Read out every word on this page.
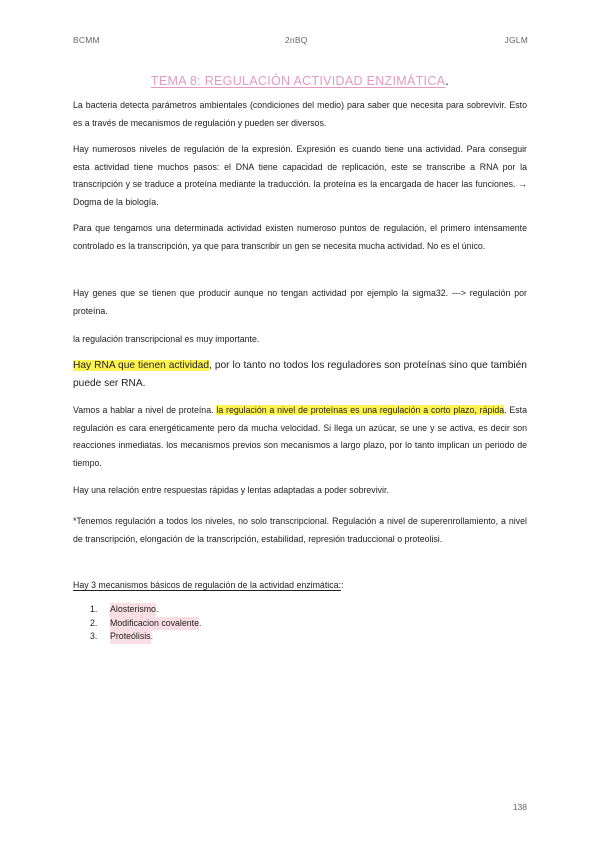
BCMM	2nBQ	JGLM
TEMA 8: REGULACIÓN ACTIVIDAD ENZIMÁTICA.
La bacteria detecta parámetros ambientales (condiciones del medio) para saber que necesita para sobrevivir. Esto es a través de mecanismos de regulación y pueden ser diversos.
Hay numerosos niveles de regulación de la expresión. Expresión es cuando tiene una actividad. Para conseguir esta actividad tiene muchos pasos: el DNA tiene capacidad de replicación, este se transcribe a RNA por la transcripción y se traduce a proteína mediante la traducción. la proteína es la encargada de hacer las funciones. → Dogma de la biología.
Para que tengamos una determinada actividad existen numeroso puntos de regulación, el primero intensamente controlado es la transcripción, ya que para transcribir un gen se necesita mucha actividad. No es el único.
Hay genes que se tienen que producir aunque no tengan actividad por ejemplo la sigma32. ---> regulación por proteína.
la regulación transcripcional es muy importante.
Hay RNA que tienen actividad, por lo tanto no todos los reguladores son proteínas sino que también puede ser RNA.
Vamos a hablar a nivel de proteína. la regulación a nivel de proteínas es una regulación a corto plazo, rápida. Esta regulación es cara energéticamente pero da mucha velocidad. Si llega un azúcar, se une y se activa, es decir son reacciones inmediatas. los mecanismos previos son mecanismos a largo plazo, por lo tanto implican un periodo de tiempo.
Hay una relación entre respuestas rápidas y lentas adaptadas a poder sobrevivir.
*Tenemos regulación a todos los niveles, no solo transcripcional. Regulación a nivel de superenrollamiento, a nivel de transcripción, elongación de la transcripción, estabilidad, represión traduccional o proteolisi.
Hay 3 mecanismos básicos de regulación de la actividad enzimática::
1.	Alosterismo .
2.	Modificacion covalente .
3.	Proteólisis .
138
